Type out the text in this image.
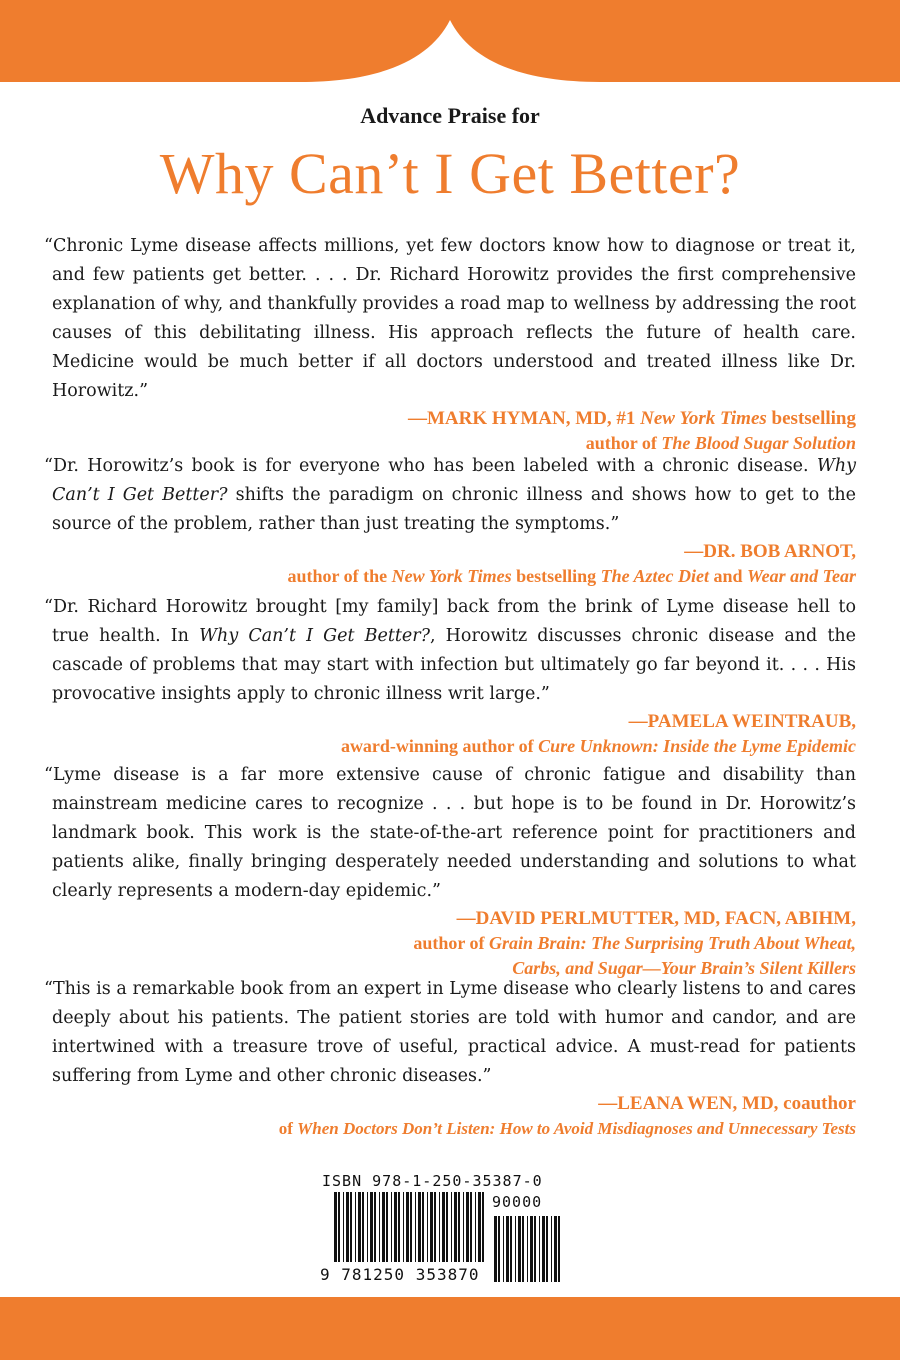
Advance Praise for
Why Can’t I Get Better?

“Chronic Lyme disease affects millions, yet few doctors know how to diagnose or treat it, and few patients get better. . . . Dr. Richard Horowitz provides the first comprehensive explanation of why, and thankfully provides a road map to wellness by addressing the root causes of this debilitating illness. His approach reflects the future of health care. Medicine would be much better if all doctors understood and treated illness like Dr. Horowitz.”

—MARK HYMAN, MD, #1 New York Times bestselling
author of The Blood Sugar Solution

“Dr. Horowitz’s book is for everyone who has been labeled with a chronic disease. Why Can’t I Get Better? shifts the paradigm on chronic illness and shows how to get to the source of the problem, rather than just treating the symptoms.”

—DR. BOB ARNOT,
author of the New York Times bestselling The Aztec Diet and Wear and Tear

“Dr. Richard Horowitz brought [my family] back from the brink of Lyme disease hell to true health. In Why Can’t I Get Better?, Horowitz discusses chronic disease and the cascade of problems that may start with infection but ultimately go far beyond it. . . . His provocative insights apply to chronic illness writ large.”

—PAMELA WEINTRAUB,
award-winning author of Cure Unknown: Inside the Lyme Epidemic

“Lyme disease is a far more extensive cause of chronic fatigue and disability than mainstream medicine cares to recognize . . . but hope is to be found in Dr. Horowitz’s landmark book. This work is the state-of-the-art reference point for practitioners and patients alike, finally bringing desperately needed understanding and solutions to what clearly represents a modern-day epidemic.”

—DAVID PERLMUTTER, MD, FACN, ABIHM,
author of Grain Brain: The Surprising Truth About Wheat, Carbs, and Sugar—Your Brain’s Silent Killers

“This is a remarkable book from an expert in Lyme disease who clearly listens to and cares deeply about his patients. The patient stories are told with humor and candor, and are intertwined with a treasure trove of useful, practical advice. A must-read for patients suffering from Lyme and other chronic diseases.”

—LEANA WEN, MD, coauthor
of When Doctors Don’t Listen: How to Avoid Misdiagnoses and Unnecessary Tests
ISBN 978-1-250-35387-0
90000
9 781250 353870
